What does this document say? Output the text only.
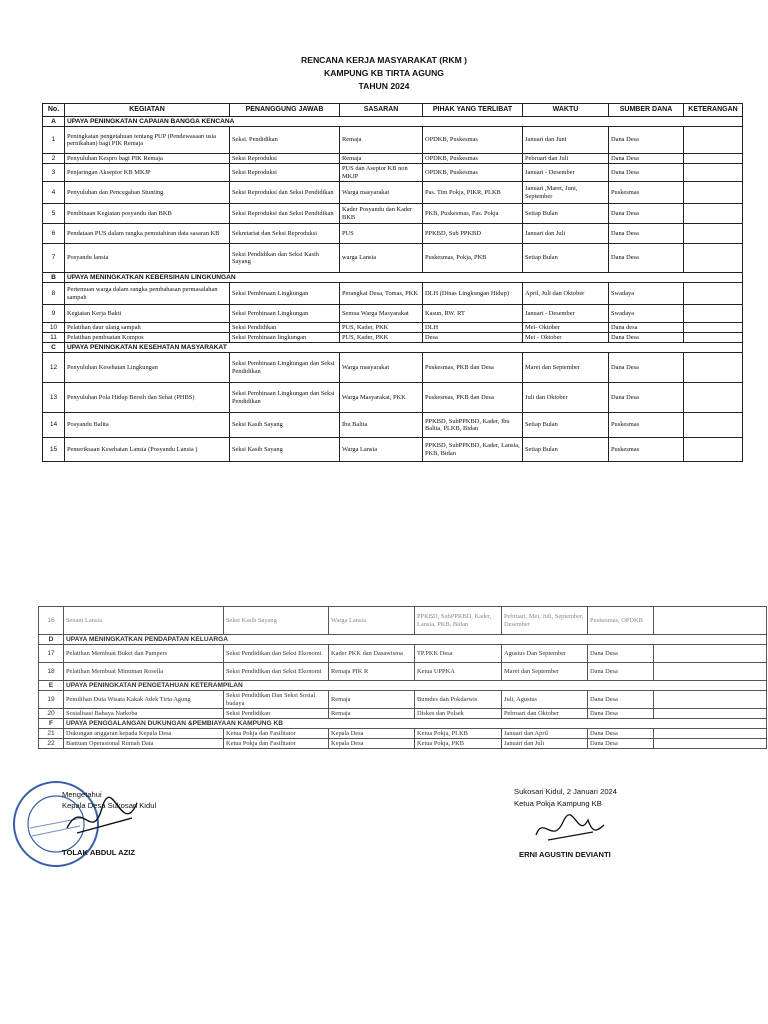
RENCANA KERJA MASYARAKAT (RKM )
KAMPUNG KB TIRTA AGUNG
TAHUN 2024
No.	KEGIATAN	PENANGGUNG JAWAB	SASARAN	PIHAK YANG TERLIBAT	WAKTU	SUMBER DANA	KETERANGAN
A	UPAYA PENINGKATAN CAPAIAN BANGGA KENCANA						
1	Peningkatan pengetahuan tentang PUP (Pendewasaan usia pernikahan) bagi PIK Remaja	Seksi. Pendidikan	Remaja	OPDKB, Puskesmas	Januari dan Juni	Dana Desa	
2	Penyuluhan Kespro bagi PIK Remaja	Seksi Reproduksi	Remaja	OPDKB, Puskesmas	Pebruari dan Juli	Dana Desa	
3	Penjaringan Akseptor KB MKJP	Seksi Reproduksi	PUS dan Aseptor KB non MKJP	OPDKB, Puskesmas	Januari - Desember	Dana Desa	
4	Penyuluhan dan Pencegahan Stunting	Seksi Reproduksi dan Seksi Pendidikan	Warga masyarakat	Pas. Tim Pokja, PIKR, PLKB	Januari ,Maret, Juni, September	Puskesmas	
5	Pembinaan Kegiatan posyandu dan BKB	Seksi Reproduksi dan Seksi Pendidikan	Kader Posyandu dan Kader BKB	PKB, Puskesmas, Fas. Pokja	Setiap Bulan	Dana Desa	
6	Pendataan PUS dalam rangka pemutahiran data sasaran KB	Sekretariat dan Seksi Reproduksi	PUS	PPKBD, Sub PPKBD	Januari dan Juli	Dana Desa	
7	Posyandu lansia	Seksi Pendidikan dan Seksi Kasih Sayang	warga Lansia	Puskesmas, Pokja, PKB	Setiap Bulan	Dana Desa	
B	UPAYA MENINGKATKAN KEBERSIHAN LINGKUNGAN						
8	Pertemuan warga dalam rangka pembahasan permasalahan sampah	Seksi Pembinaan Lingkungan	Perangkat Desa, Tomas, PKK	DLH (Dinas Lingkungan Hidup)	April, Juli dan Oktober	Swadaya	
9	Kegiatan Kerja Bakti	Seksi Pembinaan Lingkungan	Semua Warga Masyarakat	Kasun, RW. RT	Januari - Desember	Swadaya	
10	Pelatihan daur ulang sampah	Seksi Pendidikan	PUS, Kader, PKK	DLH	Mei- Oktober	Dana desa	
11	Pelatihan pembuatan Kompos	Seksi Pembinaan lingkungan	PUS, Kader, PKK	Desa	Mei - Oktober	Dana Desa	
C	UPAYA PENINGKATAN KESEHATAN MASYARAKAT						
12	Penyuluhan Kesehatan Lingkungan	Seksi Pembinaan Lingkungan dan Seksi Pendidikan	Warga masyarakat	Puskesmas, PKB dan Desa	Maret dan September	Dana Desa	
13	Penyuluhan Pola Hidup Bersih dan Sehat (PHBS)	Seksi Pembinaan Lingkungan dan Seksi Pendidikan	Warga Masyarakat, PKK	Puskesmas, PKB dan Desa	Juli dan Oktober	Dana Desa	
14	Posyandu Balita	Seksi Kasih Sayang	Ibu Balita	PPKBD, SubPPKBD, Kader, Ibu Balita, PLKB, Bidan	Setiap Bulan	Puskesmas	
15	Pemeriksaan Kesehatan Lansia (Posyandu Lansia )	Seksi Kasih Sayang	Warga Lansia	PPKBD, SubPPKBD, Kader, Lansia, PKB, Bidan	Setiap Bulan	Puskesmas	
16	Senam Lansia	Seksi Kasih Sayang	Warga Lansia	PPKBD, SubPPKBD, Kader, Lansia, PKB, Bidan	Pebruari, Mei, Juli, September, Desember	Puskesmas, OPDKB	
D	UPAYA MENINGKATKAN PENDAPATAN KELUARGA						
17	Pelatihan Membuat Buket dan Pampers	Seksi Pendidikan dan Seksi Ekonomi	Kader PKK dan Dasawisma	TP.PKK Desa	Agustus Dan September	Dana Desa	
18	Pelatihan Membuat Minuman Rosella	Seksi Pendidikan dan Seksi Ekonomi	Remaja PIK R	Ketua UPPKA	Maret dan September	Dana Desa	
E	UPAYA PENINGKATAN PENGETAHUAN KETERAMPILAN						
19	Pemilihan Duta Wisata Kakak Adek Tirta Agung	Seksi Pendidikan Dan Seksi Sosial budaya	Remaja	Bumdes dan Pokdarwis	Juli, Agustus	Dana Desa	
20	Sosialisasi Bahaya Narkoba	Seksi Pendidikan	Remaja	Diskes dan Polsek	Pebruari dan Oktober	Dana Desa	
F	UPAYA PENGGALANGAN DUKUNGAN &PEMBIAYAAN KAMPUNG KB						
21	Dukungan anggaran kepada Kepala Desa	Ketua Pokja dan Fasilitator	Kepala Desa	Ketua Pokja, PLKB	Januari dan April	Dana Desa	
22	Bantuan Operasional Rumah Data	Ketua Pokja dan Fasilitator	Kepala Desa	Ketua Pokja, PKB	Januari dan Juli	Dana Desa	
Mengetahui
Kepala Desa Sukosari Kidul
TOLAK ABDUL AZIZ
Sukosari Kidul, 2 Januari 2024
Ketua Pokja Kampung KB
ERNI AGUSTIN DEVIANTI
